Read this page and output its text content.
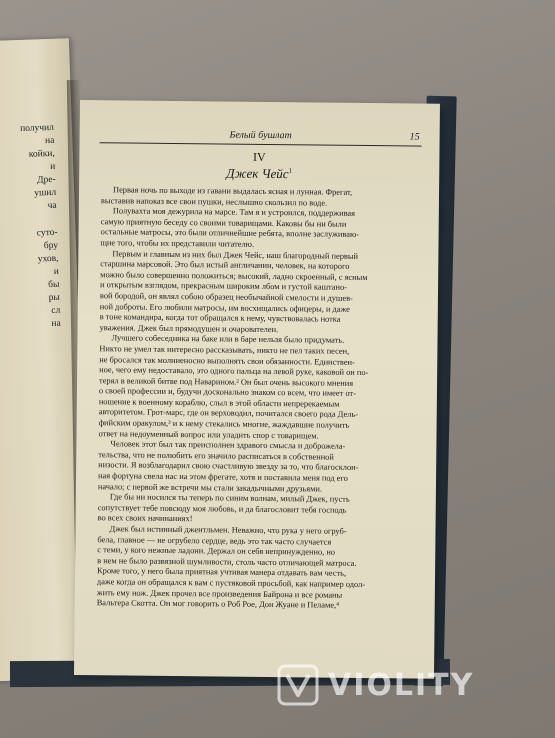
получил
на
койки,
и
Дре-
ушил
ча
суто-
бру
ухов,
и
бы
ры
сл
на
Белый бушлат	15
IV
Джек Чейс$^1$
Первая ночь по выходе из гавани выдалась ясная и лунная. Фрегат,
выставив напоказ все свои пушки, неслышно скользил по воде.
Полувахта моя дежурила на марсе. Там я и устроился, поддерживая
самую приятную беседу со своими товарищами. Каковы бы ни были
остальные матросы, это были отличнейшие ребята, вполне заслуживаю-
щие того, чтобы их представили читателю.
Первым и главным из них был Джек Чейс, наш благородный первый
старшина марсовой. Это был истый англичанин, человек, на которого
можно было совершенно положиться; высокий, ладно скроенный, с ясным
и открытым взглядом, прекрасным широким лбом и густой каштано-
вой бородой, он являл собою образец необычайной смелости и душев-
ной доброты. Его любили матросы, им восхищались офицеры, и даже
в тоне командира, когда тот обращался к нему, чувствовалась нотка
уважения. Джек был прямодушен и очарователен.
Лучшего собеседника на баке или в баре нельзя было придумать.
Никто не умел так интересно рассказывать, никто не пел таких песен,
не бросался так молниеносно выполнять свои обязанности. Единствен-
ное, чего ему недоставало, это одного пальца на левой руке, каковой он по-
терял в великой битве под Наварином.² Он был очень высокого мнения
о своей профессии и, будучи досконально знаком со всем, что имеет от-
ношение к военному кораблю, слыл в этой области непререкаемым
авторитетом. Грот-марс, где он верховодил, почитался своего рода Дель-
фийским оракулом,³ и к нему стекались многие, жаждавшие получить
ответ на недоуменный вопрос или уладить спор с товарищем.
Человек этот был так преисполнен здравого смысла и доброжела-
тельства, что не полюбить его значило расписаться в собственной
низости. Я возблагодарил свою счастливую звезду за то, что благосклон-
ная фортуна свела нас на этом фрегате, хотя и поставила меня под его
начало; с первой же встречи мы стали закадычными друзьями.
Где бы ни носился ты теперь по синим волнам, милый Джек, пусть
сопутствует тебе повсюду моя любовь, и да благословит тебя господь
во всех своих начинаниях!
Джек был истинный джентльмен. Неважно, что рука у него огруб-
бела, главное — не огрубело сердце, ведь это так часто случается
с теми, у кого нежные ладони. Держал он себя непринужденно, но
в нем не было развязной шумливости, столь часто отличающей матроса.
Кроме того, у него была приятная учтивая манера отдавать вам честь,
даже когда он обращался к вам с пустяковой просьбой, как например одол-
жить ему нож. Джек прочел все произведения Байрона и все романы
Вальтера Скотта. Он мог говорить о Роб Рое, Дон Жуане и Пеламе,⁴
VIOLITY
